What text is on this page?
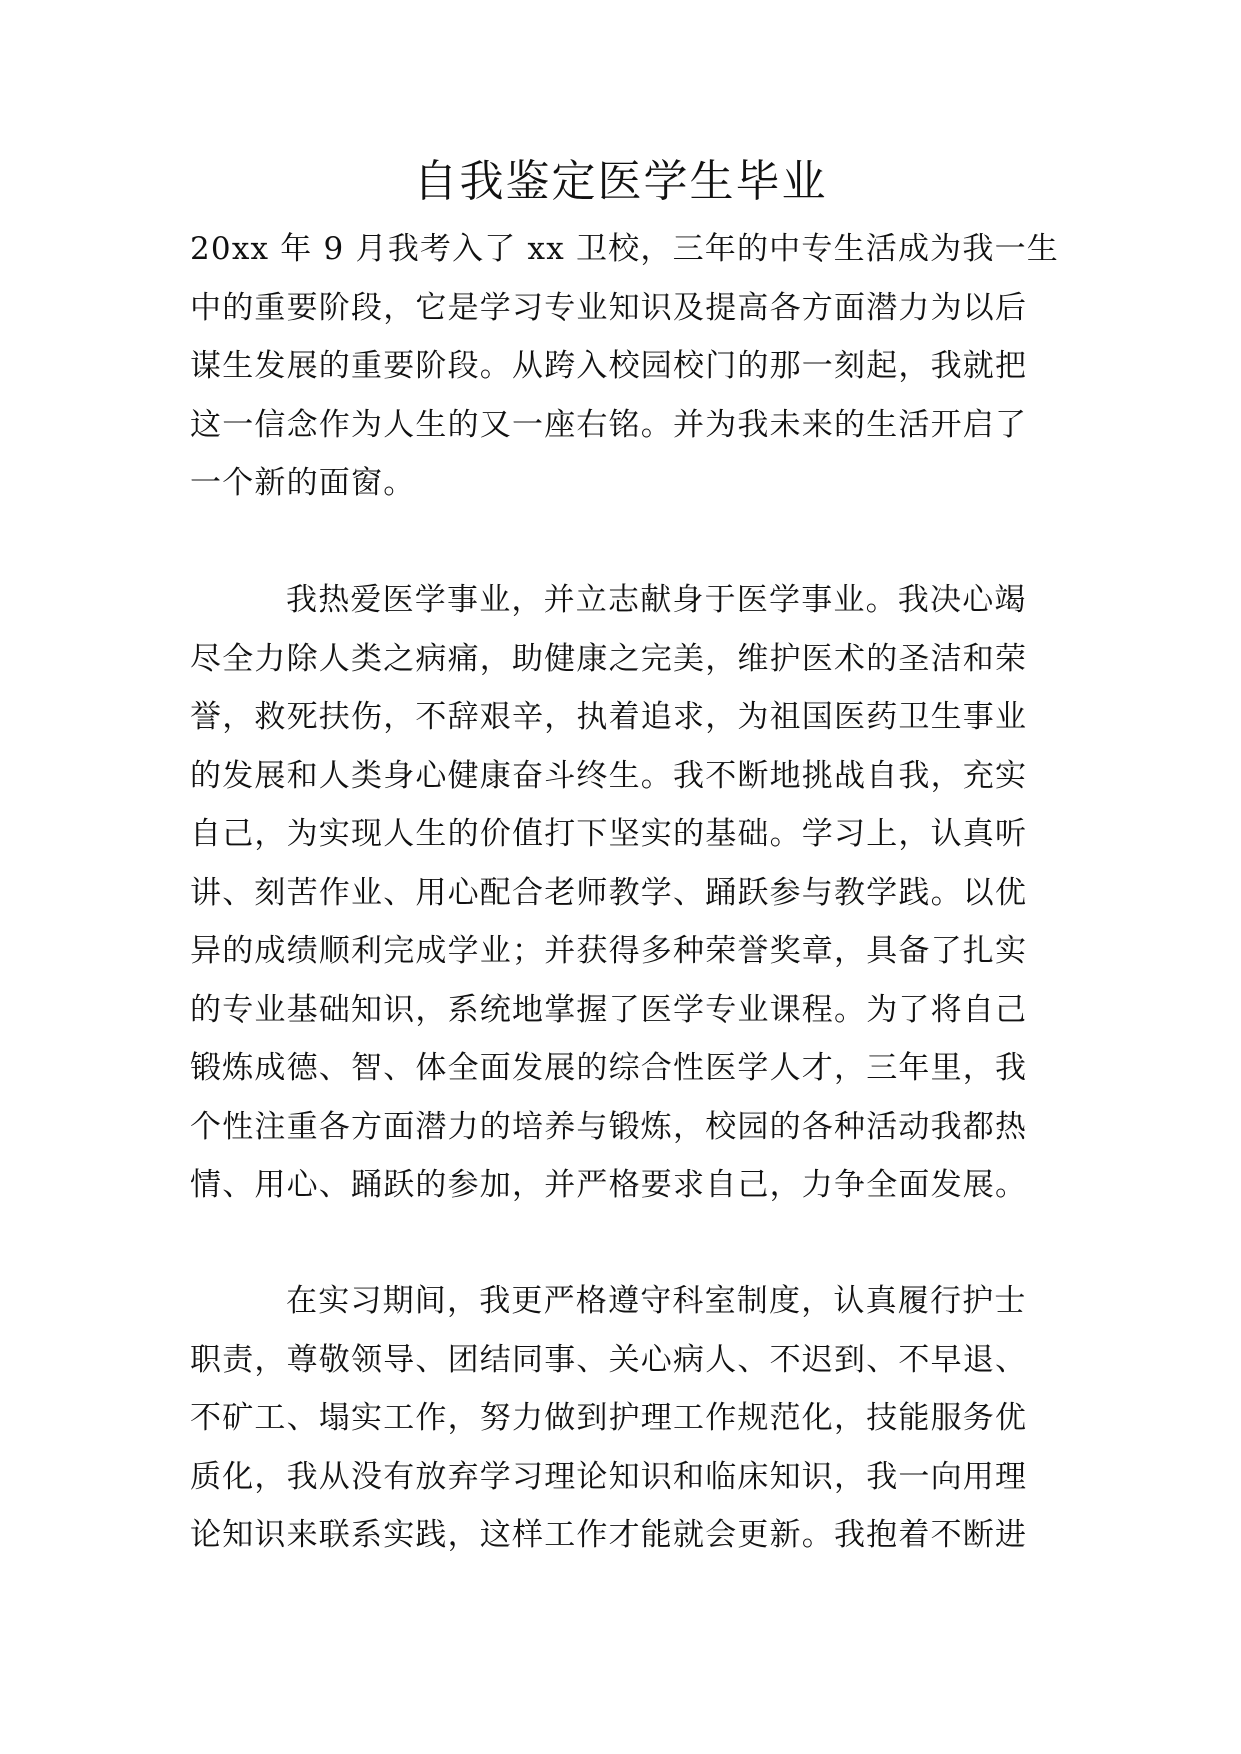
自我鉴定医学生毕业
20xx 年 9 月我考入了 xx 卫校，三年的中专生活成为我一生
中的重要阶段，它是学习专业知识及提高各方面潜力为以后
谋生发展的重要阶段。从跨入校园校门的那一刻起，我就把
这一信念作为人生的又一座右铭。并为我未来的生活开启了
一个新的面窗。
我热爱医学事业，并立志献身于医学事业。我决心竭
尽全力除人类之病痛，助健康之完美，维护医术的圣洁和荣
誉，救死扶伤，不辞艰辛，执着追求，为祖国医药卫生事业
的发展和人类身心健康奋斗终生。我不断地挑战自我，充实
自己，为实现人生的价值打下坚实的基础。学习上，认真听
讲、刻苦作业、用心配合老师教学、踊跃参与教学践。以优
异的成绩顺利完成学业；并获得多种荣誉奖章，具备了扎实
的专业基础知识，系统地掌握了医学专业课程。为了将自己
锻炼成德、智、体全面发展的综合性医学人才，三年里，我
个性注重各方面潜力的培养与锻炼，校园的各种活动我都热
情、用心、踊跃的参加，并严格要求自己，力争全面发展。
在实习期间，我更严格遵守科室制度，认真履行护士
职责，尊敬领导、团结同事、关心病人、不迟到、不早退、
不矿工、塌实工作，努力做到护理工作规范化，技能服务优
质化，我从没有放弃学习理论知识和临床知识，我一向用理
论知识来联系实践，这样工作才能就会更新。我抱着不断进
